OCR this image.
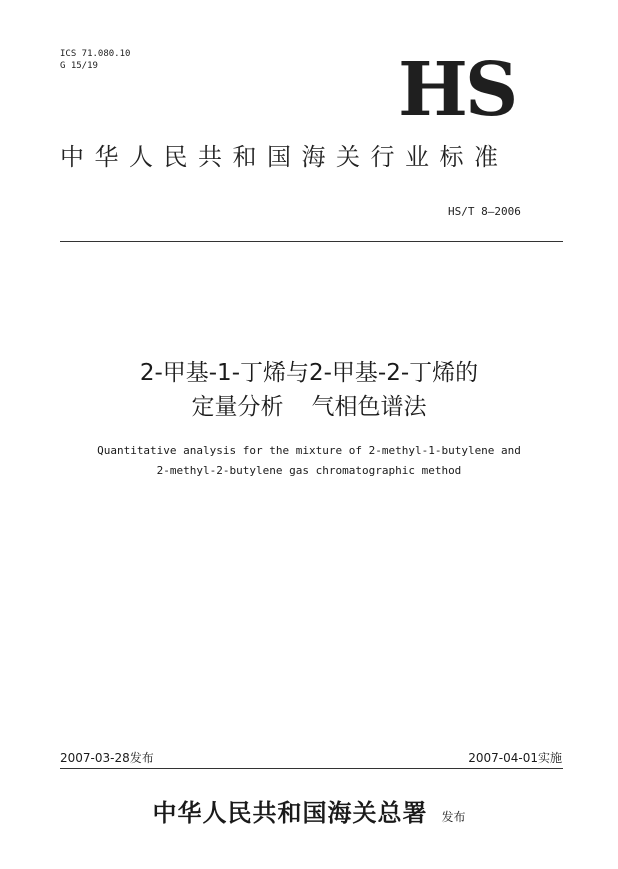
ICS 71.080.10
G 15/19	HS
中华人民共和国海关行业标准
HS/T 8—2006
2-甲基-1-丁烯与2-甲基-2-丁烯的
定量分析 气相色谱法
Quantitative analysis for the mixture of 2-methyl-1-butylene and
2-methyl-2-butylene gas chromatographic method
2007-03-28发布	2007-04-01实施
中华人民共和国海关总署 发布
